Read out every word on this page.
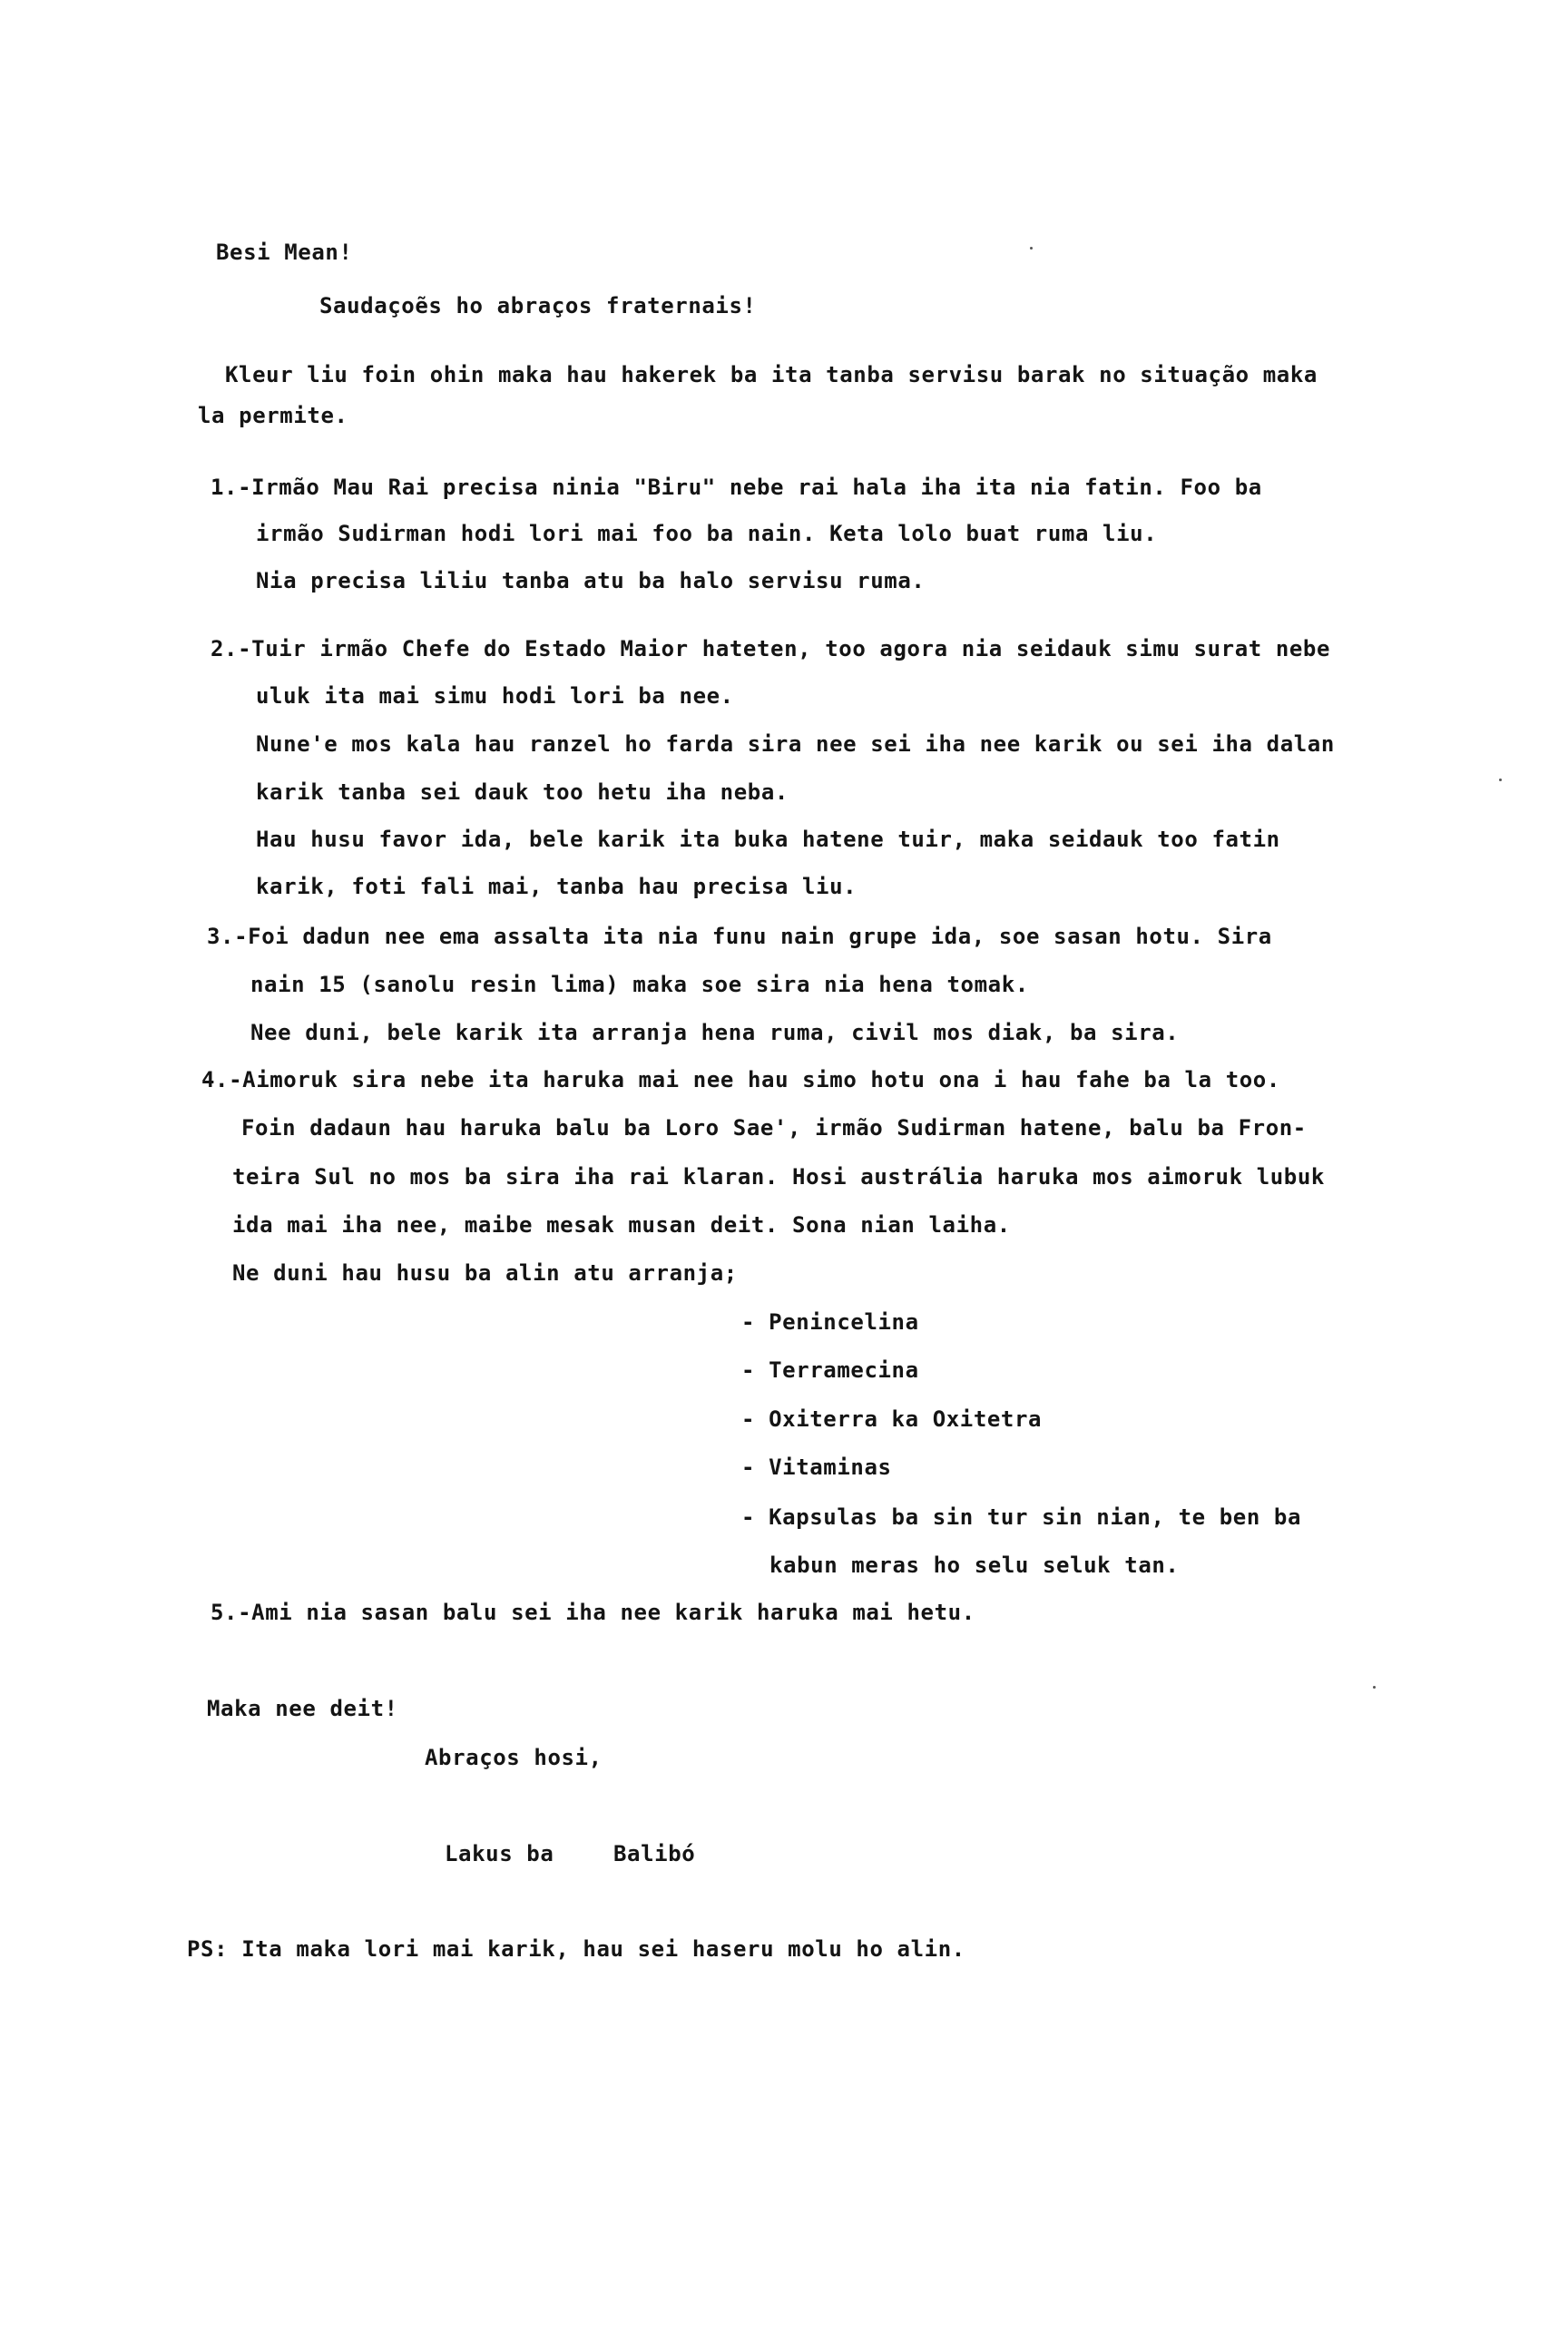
Besi Mean!
Saudaçoẽs ho abraços fraternais!
Kleur liu foin ohin maka hau hakerek ba ita tanba servisu barak no situação maka
la permite.
1.-Irmão Mau Rai precisa ninia "Biru" nebe rai hala iha ita nia fatin. Foo ba
irmão Sudirman hodi lori mai foo ba nain. Keta lolo buat ruma liu.
Nia precisa liliu tanba atu ba halo servisu ruma.
2.-Tuir irmão Chefe do Estado Maior hateten, too agora nia seidauk simu surat nebe
uluk ita mai simu hodi lori ba nee.
Nune'e mos kala hau ranzel ho farda sira nee sei iha nee karik ou sei iha dalan
karik tanba sei dauk too hetu iha neba.
Hau husu favor ida, bele karik ita buka hatene tuir, maka seidauk too fatin
karik, foti fali mai, tanba hau precisa liu.
3.-Foi dadun nee ema assalta ita nia funu nain grupe ida, soe sasan hotu. Sira
nain 15 (sanolu resin lima) maka soe sira nia hena tomak.
Nee duni, bele karik ita arranja hena ruma, civil mos diak, ba sira.
4.-Aimoruk sira nebe ita haruka mai nee hau simo hotu ona i hau fahe ba la too.
Foin dadaun hau haruka balu ba Loro Sae', irmão Sudirman hatene, balu ba Fron-
teira Sul no mos ba sira iha rai klaran. Hosi austrália haruka mos aimoruk lubuk
ida mai iha nee, maibe mesak musan deit. Sona nian laiha.
Ne duni hau husu ba alin atu arranja;
- Penincelina
- Terramecina
- Oxiterra ka Oxitetra
- Vitaminas
- Kapsulas ba sin tur sin nian, te ben ba
kabun meras ho selu seluk tan.
5.-Ami nia sasan balu sei iha nee karik haruka mai hetu.
Maka nee deit!
Abraços hosi,
Lakus ba	Balibó
PS: Ita maka lori mai karik, hau sei haseru molu ho alin.
